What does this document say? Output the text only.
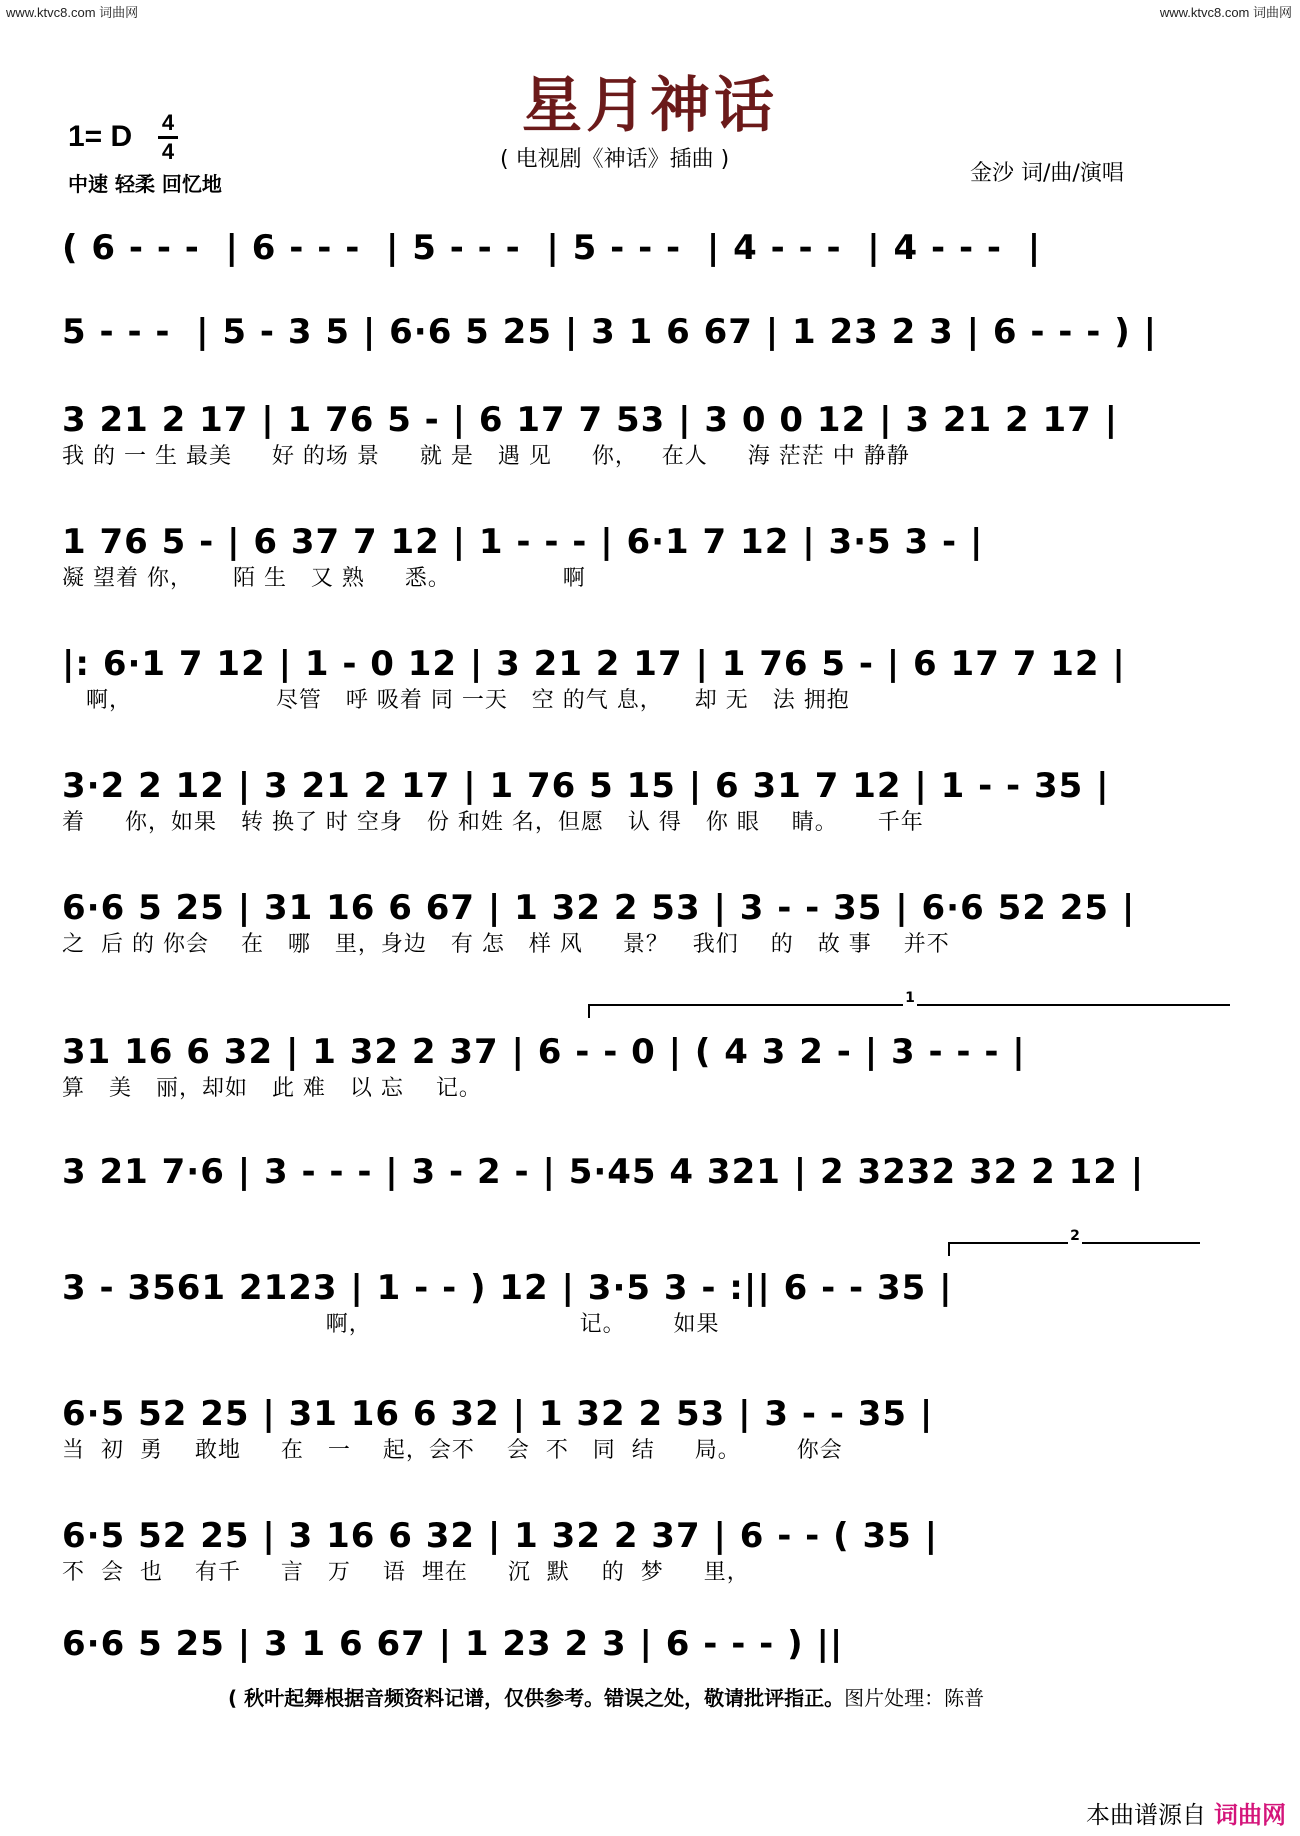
www.ktvc8.com 词曲网	www.ktvc8.com 词曲网
星月神话
1= D 4
4
中速 轻柔 回忆地
( 电视剧《神话》插曲 )
金沙 词/曲/演唱
( 6 - - -  | 6 - - -  | 5 - - -  | 5 - - -  | 4 - - -  | 4 - - -  |
5 - - -  | 5 - 3 5 | 6·6 5 25 | 3 1 6 67 | 1 23 2 3 | 6 - - - ) |
3 21 2 17 | 1 76 5 - | 6 17 7 53 | 3 0 0 12 | 3 21 2 17 |
我 的 一 生 最美     好 的场 景     就 是   遇 见     你，   在人     海 茫茫 中 静静
1 76 5 - | 6 37 7 12 | 1 - - - | 6·1 7 12 | 3·5 3 - |
凝 望着 你，     陌 生   又 熟     悉。              啊
|: 6·1 7 12 | 1 - 0 12 | 3 21 2 17 | 1 76 5 - | 6 17 7 12 |
啊，                  尽管   呼 吸着 同 一天   空 的气 息，    却 无   法 拥抱
3·2 2 12 | 3 21 2 17 | 1 76 5 15 | 6 31 7 12 | 1 - - 35 |
着     你，如果   转 换了 时 空身   份 和姓 名，但愿   认 得   你 眼    睛。     千年
6·6 5 25 | 31 16 6 67 | 1 32 2 53 | 3 - - 35 | 6·6 52 25 |
之  后 的 你会    在   哪   里，身边   有 怎   样 风     景？   我们    的   故 事    并不
1
31 16 6 32 | 1 32 2 37 | 6 - - 0 | ( 4 3 2 - | 3 - - - |
算   美   丽，却如   此 难   以 忘    记。
3 21 7·6 | 3 - - - | 3 - 2 - | 5·45 4 321 | 2 3232 32 2 12 |
2
3 - 3561 2123 | 1 - - ) 12 | 3·5 3 - :|| 6 - - 35 |
啊，                          记。      如果
6·5 52 25 | 31 16 6 32 | 1 32 2 53 | 3 - - 35 |
当  初  勇    敢地     在   一    起，会不    会  不   同  结     局。       你会
6·5 52 25 | 3 16 6 32 | 1 32 2 37 | 6 - - ( 35 |
不  会  也    有千     言   万    语  埋在     沉  默    的  梦     里，
6·6 5 25 | 3 1 6 67 | 1 23 2 3 | 6 - - - ) ||
( 秋叶起舞根据音频资料记谱，仅供参考。错误之处，敬请批评指正。图片处理：陈普
本曲谱源自 词曲网
